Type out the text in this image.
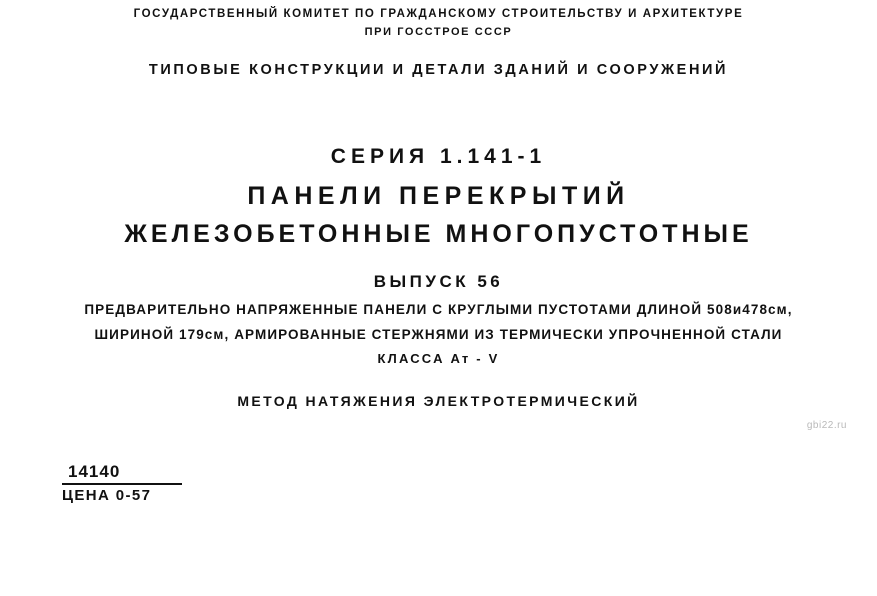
ГОСУДАРСТВЕННЫЙ КОМИТЕТ ПО ГРАЖДАНСКОМУ СТРОИТЕЛЬСТВУ И АРХИТЕКТУРЕ
ПРИ ГОССТРОЕ СССР
ТИПОВЫЕ КОНСТРУКЦИИ И ДЕТАЛИ ЗДАНИЙ И СООРУЖЕНИЙ
СЕРИЯ 1.141-1
ПАНЕЛИ ПЕРЕКРЫТИЙ
ЖЕЛЕЗОБЕТОННЫЕ МНОГОПУСТОТНЫЕ
ВЫПУСК 56
ПРЕДВАРИТЕЛЬНО НАПРЯЖЕННЫЕ ПАНЕЛИ С КРУГЛЫМИ ПУСТОТАМИ ДЛИНОЙ 508и478см,
ШИРИНОЙ 179см, АРМИРОВАННЫЕ СТЕРЖНЯМИ ИЗ ТЕРМИЧЕСКИ УПРОЧНЕННОЙ СТАЛИ
КЛАССА Ат - V
МЕТОД НАТЯЖЕНИЯ ЭЛЕКТРОТЕРМИЧЕСКИЙ
gbi22.ru
14140
ЦЕНА 0-57
